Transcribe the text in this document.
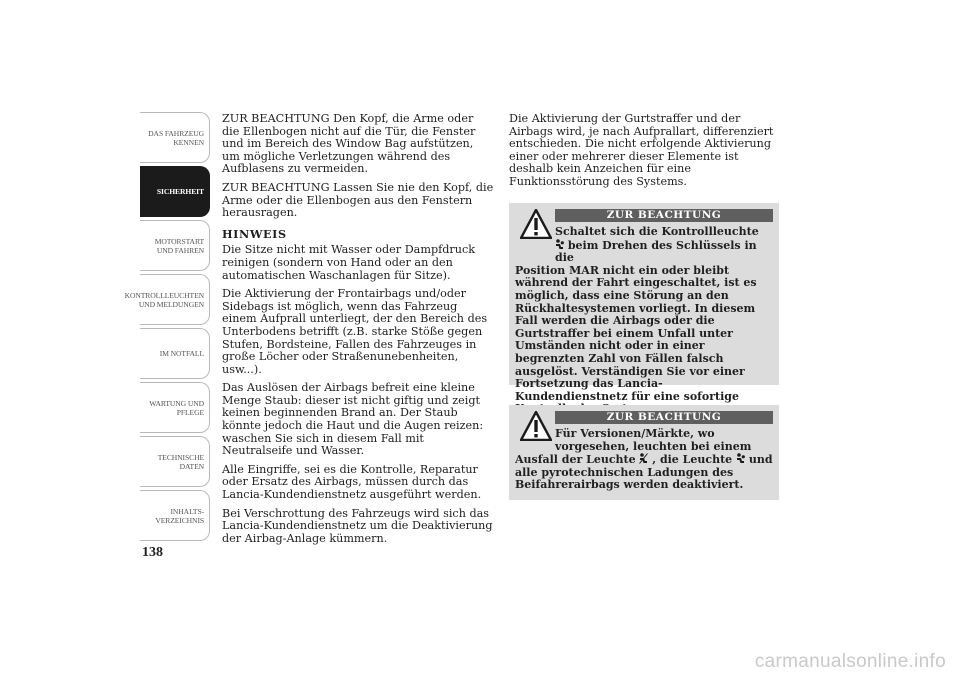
DAS FAHRZEUG KENNEN
SICHERHEIT
MOTORSTART UND FAHREN
KONTROLLLEUCHTEN UND MELDUNGEN
IM NOTFALL
WARTUNG UND PFLEGE
TECHNISCHE DATEN
INHALTS- VERZEICHNIS
138

ZUR BEACHTUNG Den Kopf, die Arme oder die Ellenbogen nicht auf die Tür, die Fenster und im Bereich des Window Bag aufstützen, um mögliche Verletzungen während des Aufblasens zu vermeiden.

ZUR BEACHTUNG Lassen Sie nie den Kopf, die Arme oder die Ellenbogen aus den Fenstern herausragen.

HINWEIS

Die Sitze nicht mit Wasser oder Dampfdruck reinigen (sondern von Hand oder an den automatischen Waschanlagen für Sitze).

Die Aktivierung der Frontairbags und/oder Sidebags ist möglich, wenn das Fahrzeug einem Aufprall unterliegt, der den Bereich des Unterbodens betrifft (z.B. starke Stöße gegen Stufen, Bordsteine, Fallen des Fahrzeuges in große Löcher oder Straßenunebenheiten, usw...).

Das Auslösen der Airbags befreit eine kleine Menge Staub: dieser ist nicht giftig und zeigt keinen beginnenden Brand an. Der Staub könnte jedoch die Haut und die Augen reizen: waschen Sie sich in diesem Fall mit Neutralseife und Wasser.

Alle Eingriffe, sei es die Kontrolle, Reparatur oder Ersatz des Airbags, müssen durch das Lancia-Kundendienstnetz ausgeführt werden.

Bei Verschrottung des Fahrzeugs wird sich das Lancia-Kundendienstnetz um die Deaktivierung der Airbag-Anlage kümmern.

Die Aktivierung der Gurtstraffer und der Airbags wird, je nach Aufprallart, differenziert entschieden. Die nicht erfolgende Aktivierung einer oder mehrerer dieser Elemente ist deshalb kein Anzeichen für eine Funktionsstörung des Systems.

ZUR BEACHTUNG
Schaltet sich die Kontrollleuchte
beim Drehen des Schlüssels in die
Position MAR nicht ein oder bleibt während der Fahrt eingeschaltet, ist es möglich, dass eine Störung an den Rückhaltesystemen vorliegt. In diesem Fall werden die Airbags oder die Gurtstraffer bei einem Unfall unter Umständen nicht oder in einer begrenzten Zahl von Fällen falsch ausgelöst. Verständigen Sie vor einer Fortsetzung das Lancia-Kundendienstnetz für eine sofortige
ZUR BEACHTUNG
Für Versionen/Märkte, wo
vorgesehen, leuchten bei einem
Ausfall der Leuchte , die Leuchte und
alle pyrotechnischen Ladungen des Beifahrerairbags werden deaktiviert.
carmanualsonline.info
